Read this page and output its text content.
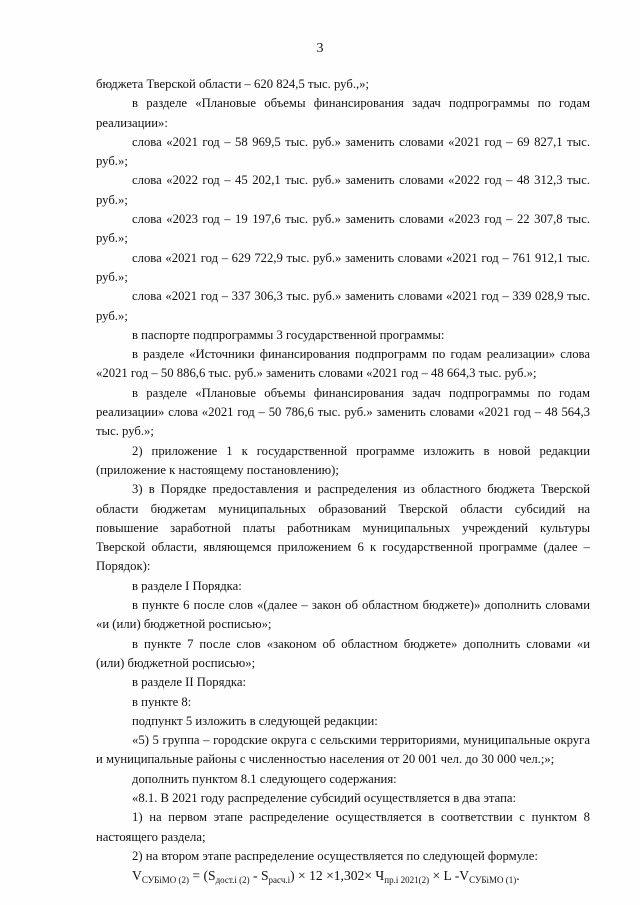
3

бюджета Тверской области – 620 824,5 тыс. руб.,»;

в разделе «Плановые объемы финансирования задач подпрограммы по годам реализации»:

слова «2021 год – 58 969,5 тыс. руб.» заменить словами «2021 год – 69 827,1 тыс. руб.»;

слова «2022 год – 45 202,1 тыс. руб.» заменить словами «2022 год – 48 312,3 тыс. руб.»;

слова «2023 год – 19 197,6 тыс. руб.» заменить словами «2023 год – 22 307,8 тыс. руб.»;

слова «2021 год – 629 722,9 тыс. руб.» заменить словами «2021 год – 761 912,1 тыс. руб.»;

слова «2021 год – 337 306,3 тыс. руб.» заменить словами «2021 год – 339 028,9 тыс. руб.»;

в паспорте подпрограммы 3 государственной программы:

в разделе «Источники финансирования подпрограмм по годам реализации» слова «2021 год – 50 886,6 тыс. руб.» заменить словами «2021 год – 48 664,3 тыс. руб.»;

в разделе «Плановые объемы финансирования задач подпрограммы по годам реализации» слова «2021 год – 50 786,6 тыс. руб.» заменить словами «2021 год – 48 564,3 тыс. руб.»;

2) приложение 1 к государственной программе изложить в новой редакции (приложение к настоящему постановлению);

3) в Порядке предоставления и распределения из областного бюджета Тверской области бюджетам муниципальных образований Тверской области субсидий на повышение заработной платы работникам муниципальных учреждений культуры Тверской области, являющемся приложением 6 к государственной программе (далее – Порядок):

в разделе I Порядка:

в пункте 6 после слов «(далее – закон об областном бюджете)» дополнить словами «и (или) бюджетной росписью»;

в пункте 7 после слов «законом об областном бюджете» дополнить словами «и (или) бюджетной росписью»;

в разделе II Порядка:

в пункте 8:

подпункт 5 изложить в следующей редакции:

«5) 5 группа – городские округа с сельскими территориями, муниципальные округа и муниципальные районы с численностью населения от 20 001 чел. до 30 000 чел.;»;

дополнить пунктом 8.1 следующего содержания:

«8.1. В 2021 году распределение субсидий осуществляется в два этапа:

1) на первом этапе распределение осуществляется в соответствии с пунктом 8 настоящего раздела;

2) на втором этапе распределение осуществляется по следующей формуле:

$V_{СУБiМО (2)} = (S_{дост.i (2)} - S_{расч.i}) \times 12 \times 1,302\times Ч_{пр.i 2021(2)} \times L$ $-V_{СУБiМО (1)}$.
